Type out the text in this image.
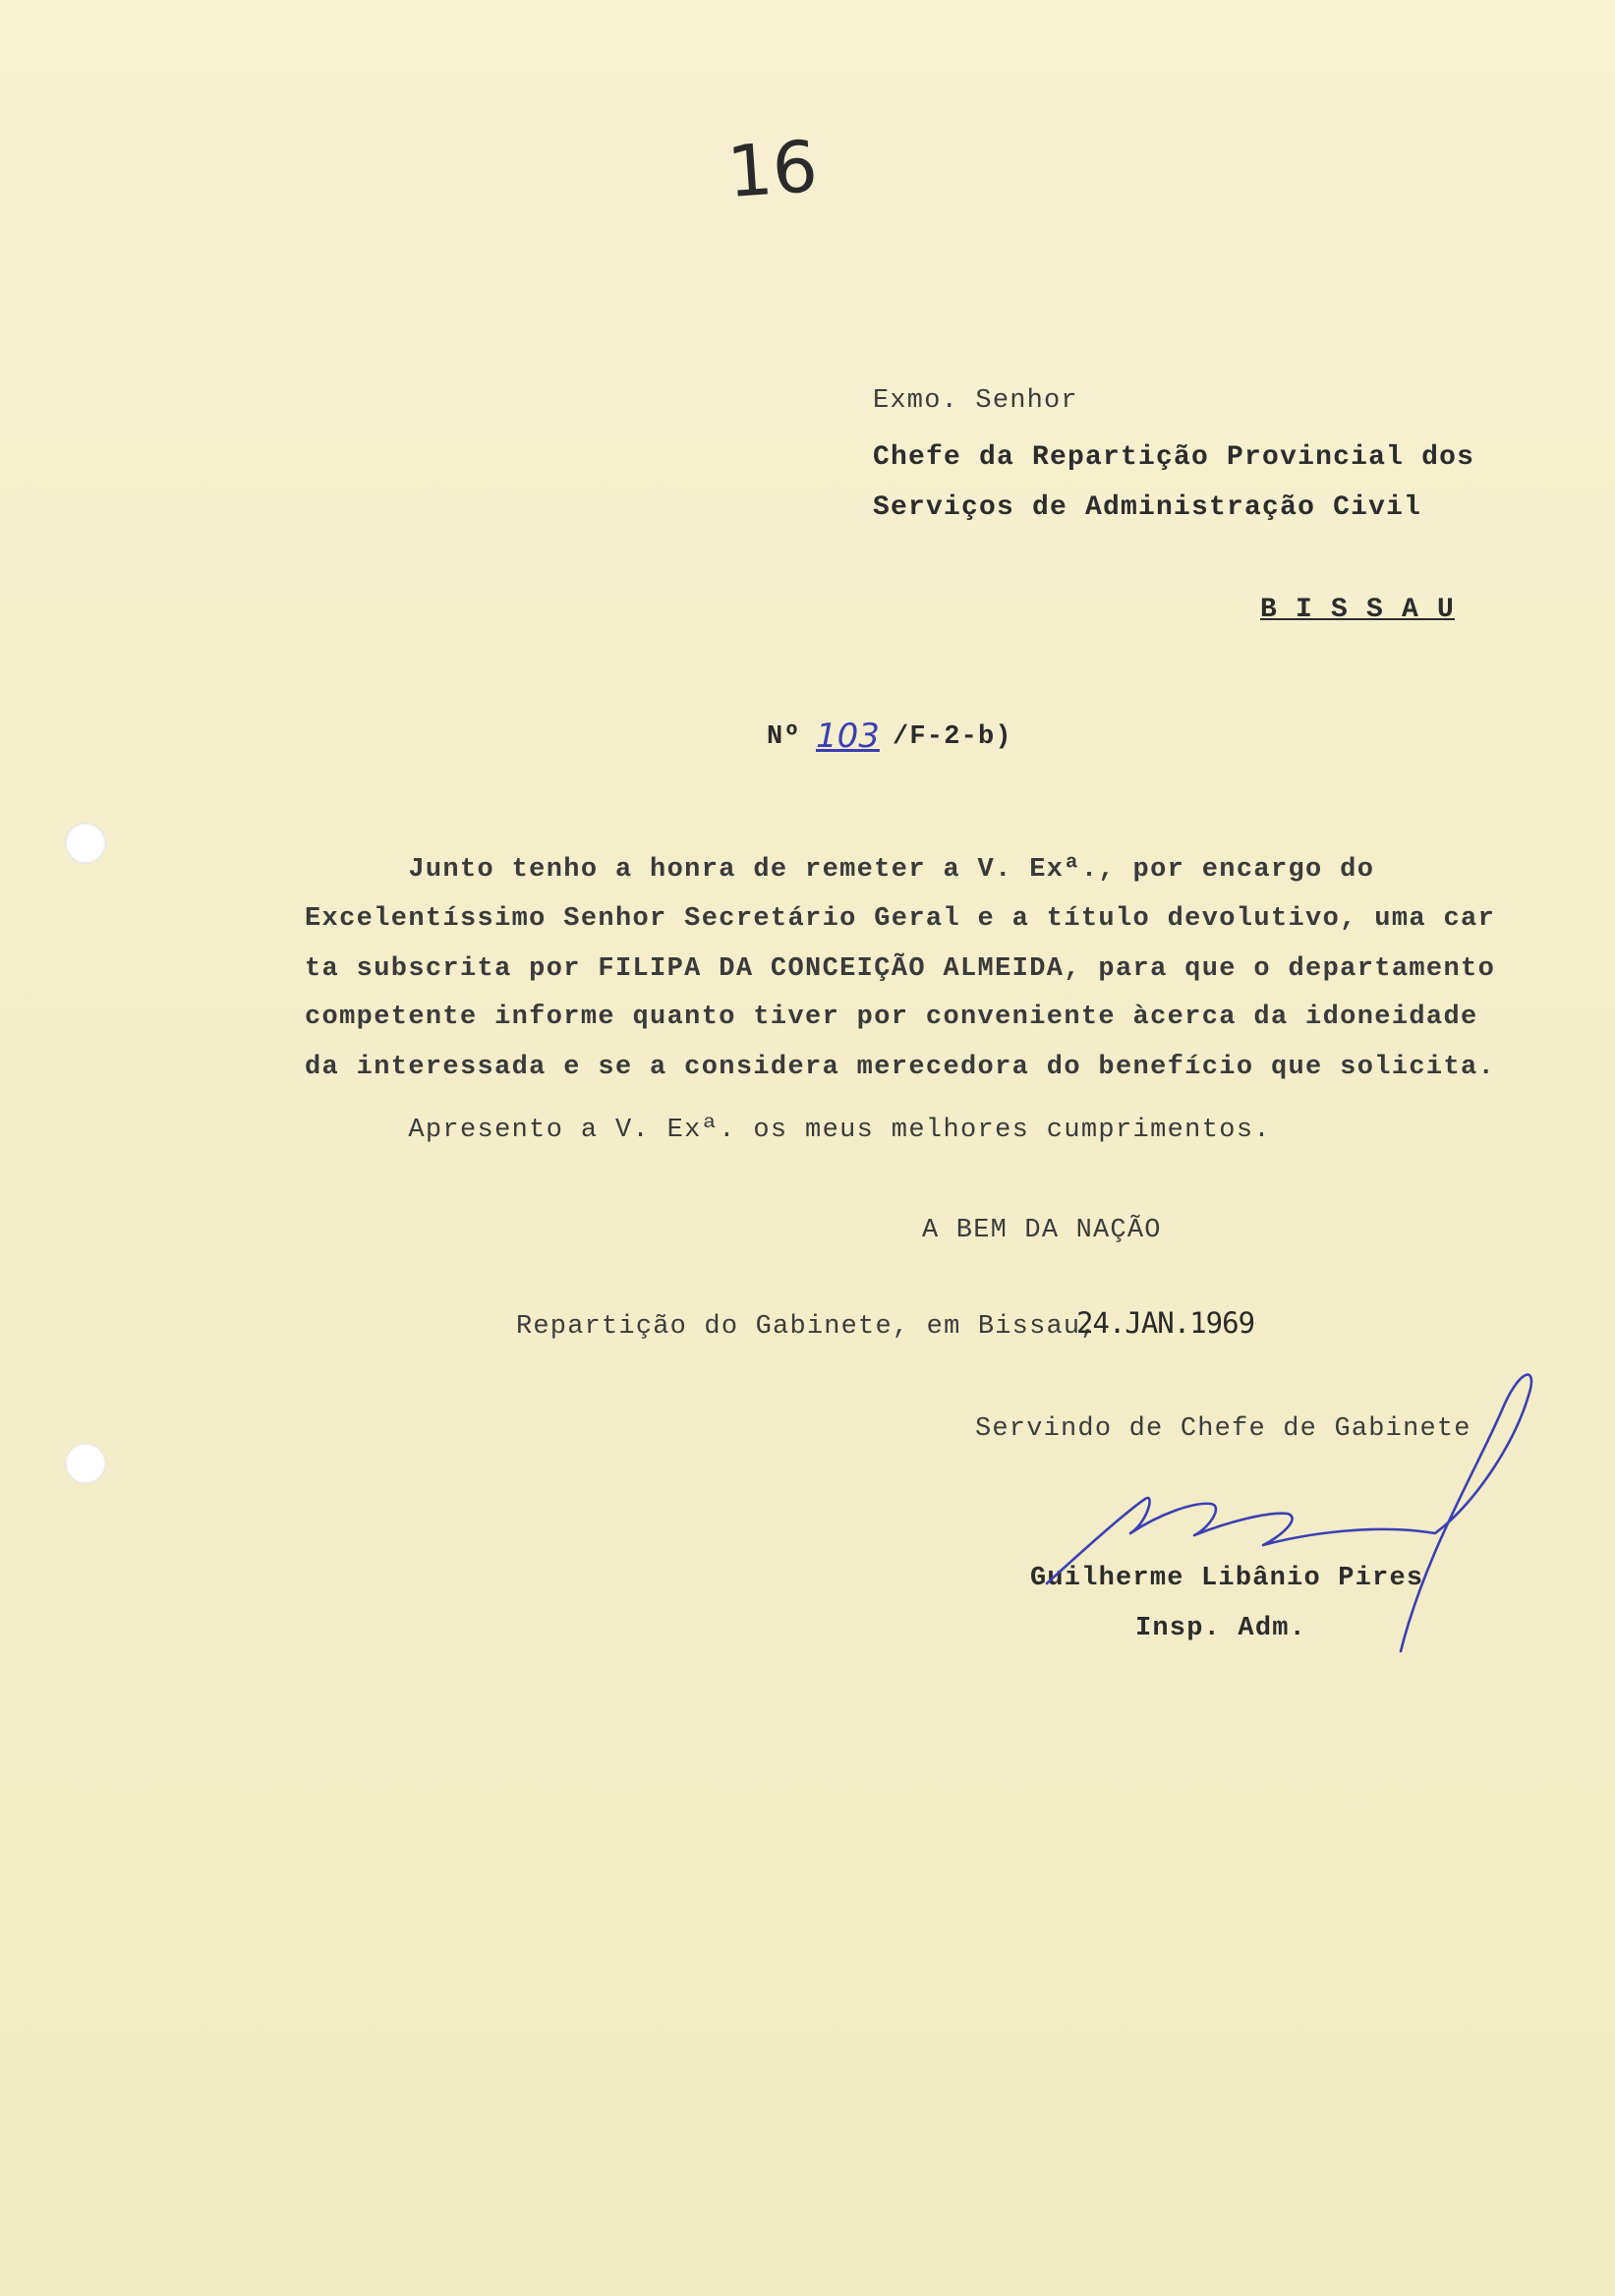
16
Exmo. Senhor
Chefe da Repartição Provincial dos
Serviços de Administração Civil
B I S S A U
Nº 103 /F-2-b)
Junto tenho a honra de remeter a V. Exª., por encargo do
Excelentíssimo Senhor Secretário Geral e a título devolutivo, uma car
ta subscrita por FILIPA DA CONCEIÇÃO ALMEIDA, para que o departamento
competente informe quanto tiver por conveniente àcerca da idoneidade
da interessada e se a considera merecedora do benefício que solicita.
Apresento a V. Exª. os meus melhores cumprimentos.
A BEM DA NAÇÃO
Repartição do Gabinete, em Bissau,
24.JAN.1969
Servindo de Chefe de Gabinete
Guilherme Libânio Pires
Insp. Adm.
